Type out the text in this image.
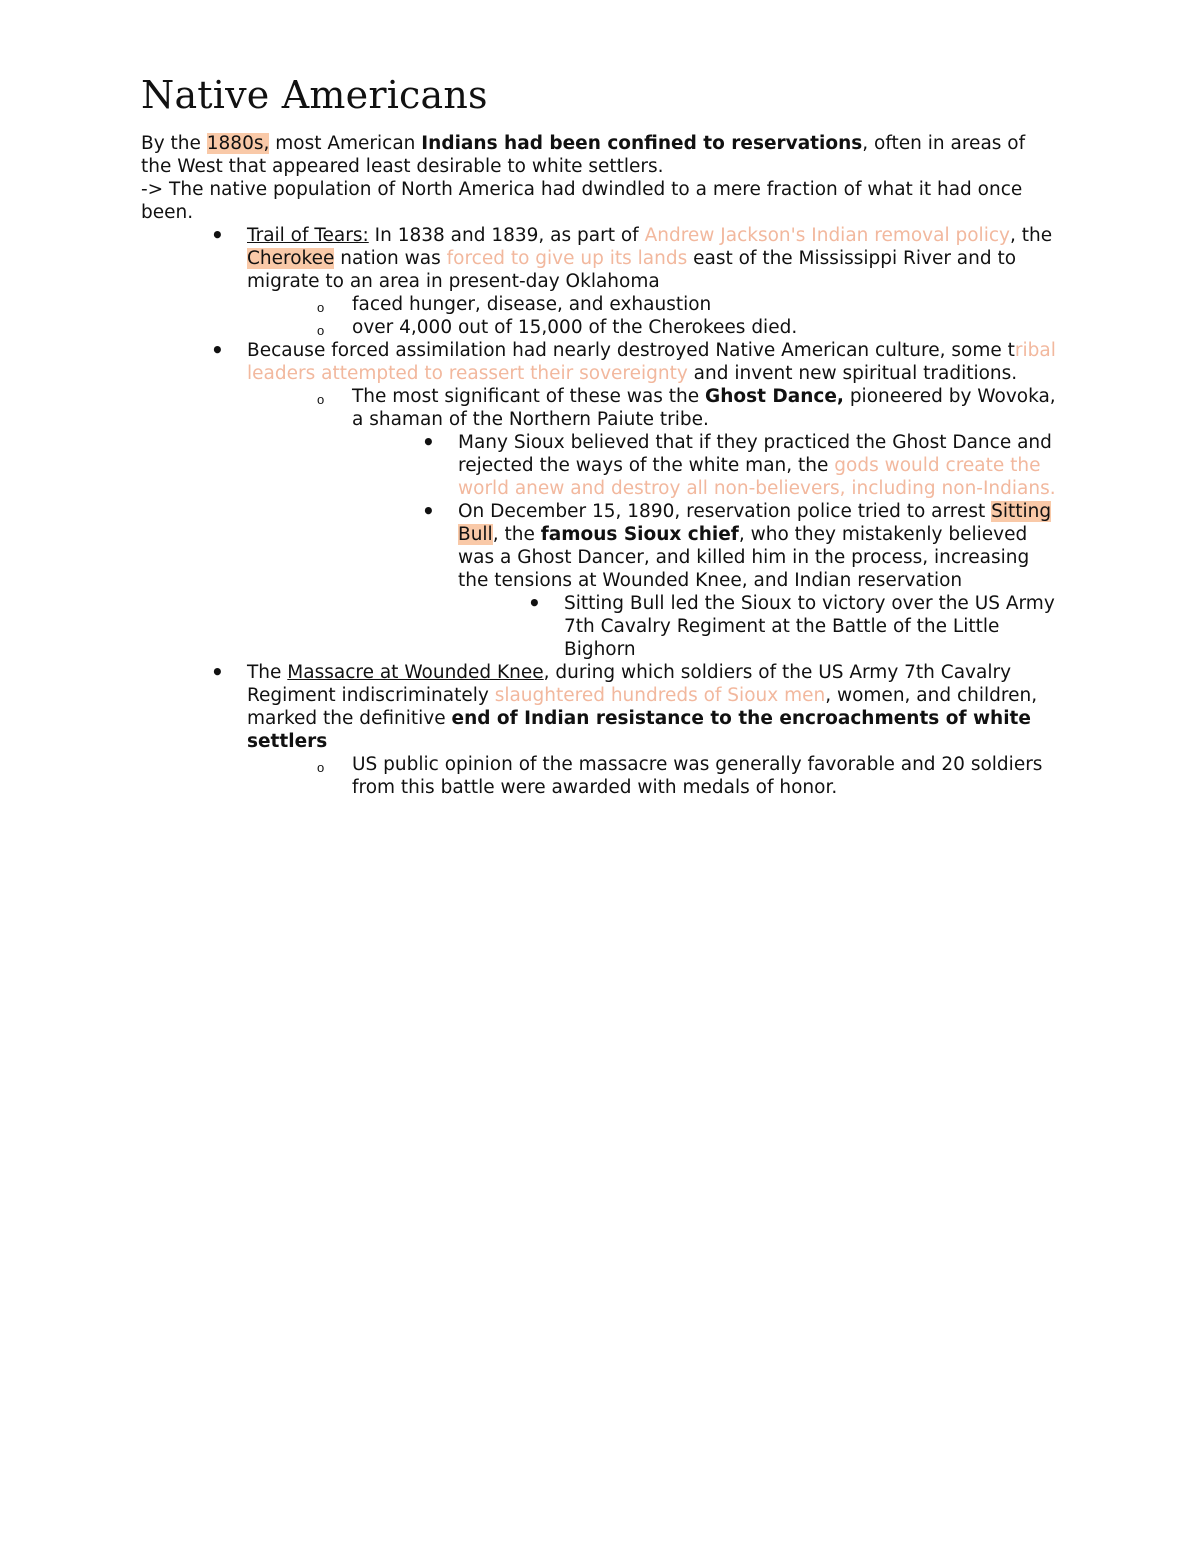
Native Americans

By the 1880s, most American Indians had been confined to reservations, often in areas of the West that appeared least desirable to white settlers.

-> The native population of North America had dwindled to a mere fraction of what it had once been.

• Trail of Tears: In 1838 and 1839, as part of Andrew Jackson's Indian removal policy, the Cherokee nation was forced to give up its lands east of the Mississippi River and to migrate to an area in present-day Oklahoma
o faced hunger, disease, and exhaustion
o over 4,000 out of 15,000 of the Cherokees died.
• Because forced assimilation had nearly destroyed Native American culture, some tribal leaders attempted to reassert their sovereignty and invent new spiritual traditions.
o The most significant of these was the Ghost Dance, pioneered by Wovoka, a shaman of the Northern Paiute tribe.
• Many Sioux believed that if they practiced the Ghost Dance and rejected the ways of the white man, the gods would create the world anew and destroy all non-believers, including non-Indians.
• On December 15, 1890, reservation police tried to arrest Sitting Bull, the famous Sioux chief, who they mistakenly believed was a Ghost Dancer, and killed him in the process, increasing the tensions at Wounded Knee, and Indian reservation
• Sitting Bull led the Sioux to victory over the US Army 7th Cavalry Regiment at the Battle of the Little Bighorn
• The Massacre at Wounded Knee, during which soldiers of the US Army 7th Cavalry Regiment indiscriminately slaughtered hundreds of Sioux men, women, and children, marked the definitive end of Indian resistance to the encroachments of white settlers
o US public opinion of the massacre was generally favorable and 20 soldiers from this battle were awarded with medals of honor.
